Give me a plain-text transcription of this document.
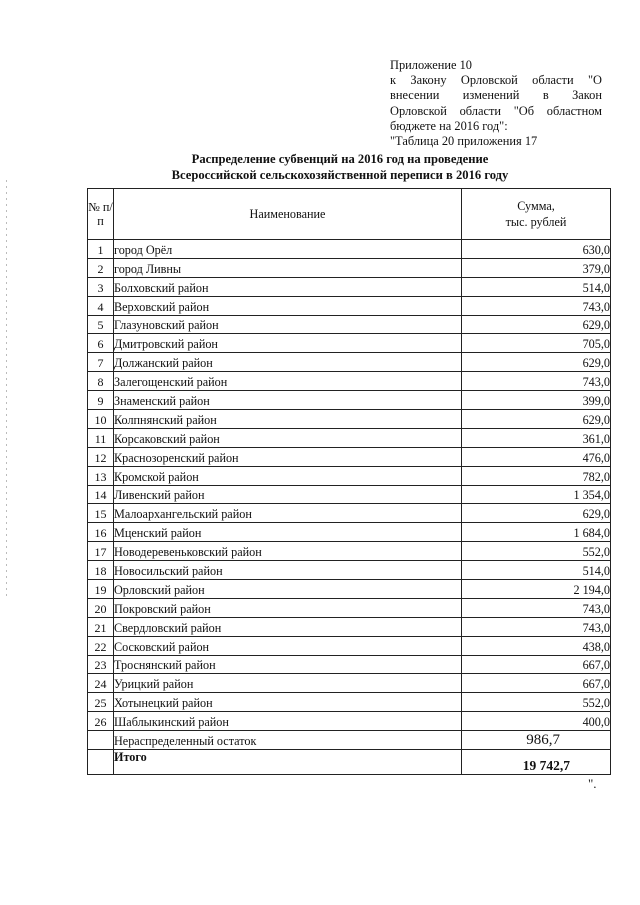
Приложение 10
к Закону Орловской области "О
внесении изменений в Закон
Орловской области "Об областном
бюджете на 2016 год":
"Таблица 20 приложения 17
Распределение субвенций на 2016 год на проведение
Всероссийской сельскохозяйственной переписи в 2016 году
№ п/п	Наименование	Сумма,
тыс. рублей

1	город Орёл	630,0
2	город Ливны	379,0
3	Болховский район	514,0
4	Верховский район	743,0
5	Глазуновский район	629,0
6	Дмитровский район	705,0
7	Должанский район	629,0
8	Залегощенский район	743,0
9	Знаменский район	399,0
10	Колпнянский район	629,0
11	Корсаковский район	361,0
12	Краснозоренский район	476,0
13	Кромской район	782,0
14	Ливенский район	1 354,0
15	Малоархангельский район	629,0
16	Мценский район	1 684,0
17	Новодеревеньковский район	552,0
18	Новосильский район	514,0
19	Орловский район	2 194,0
20	Покровский район	743,0
21	Свердловский район	743,0
22	Сосковский район	438,0
23	Троснянский район	667,0
24	Урицкий район	667,0
25	Хотынецкий район	552,0
26	Шаблыкинский район	400,0
	Нераспределенный остаток	986,7
	Итого	19 742,7
".
